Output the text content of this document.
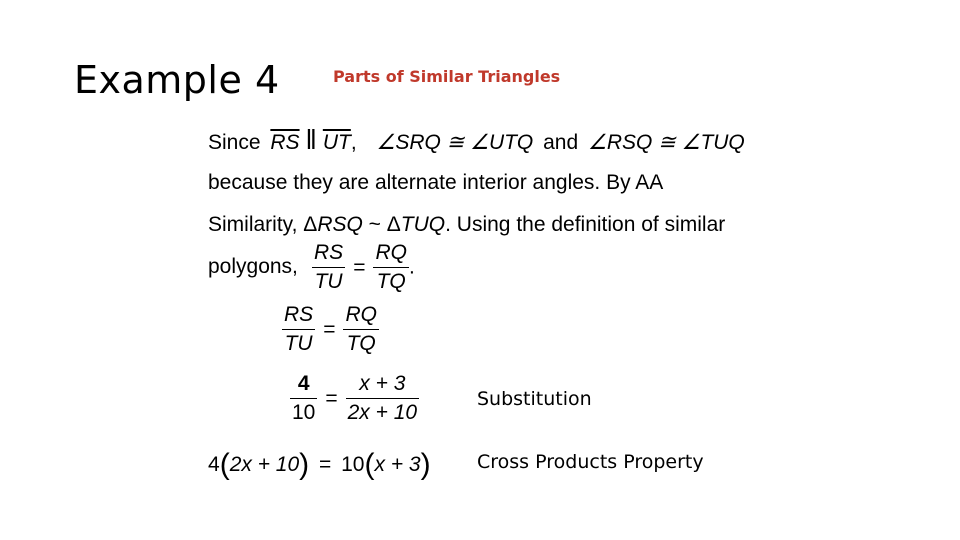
Example 4	Parts of Similar Triangles
Since $\overline{RS}$ ‖ $\overline{UT}$, ∠SRQ ≅ ∠UTQ and ∠RSQ ≅ ∠TUQ
because they are alternate interior angles. By AA
Similarity, ΔRSQ ~ ΔTUQ. Using the definition of similar
polygons, $\frac{RS}{TU} = \frac{RQ}{TQ}$ .
$\frac{RS}{TU} = \frac{RQ}{TQ}$
$\frac{4}{10} = \frac{x + 3}{2x + 10}$	Substitution
4(2x + 10) = 10(x + 3) Cross Products Property
